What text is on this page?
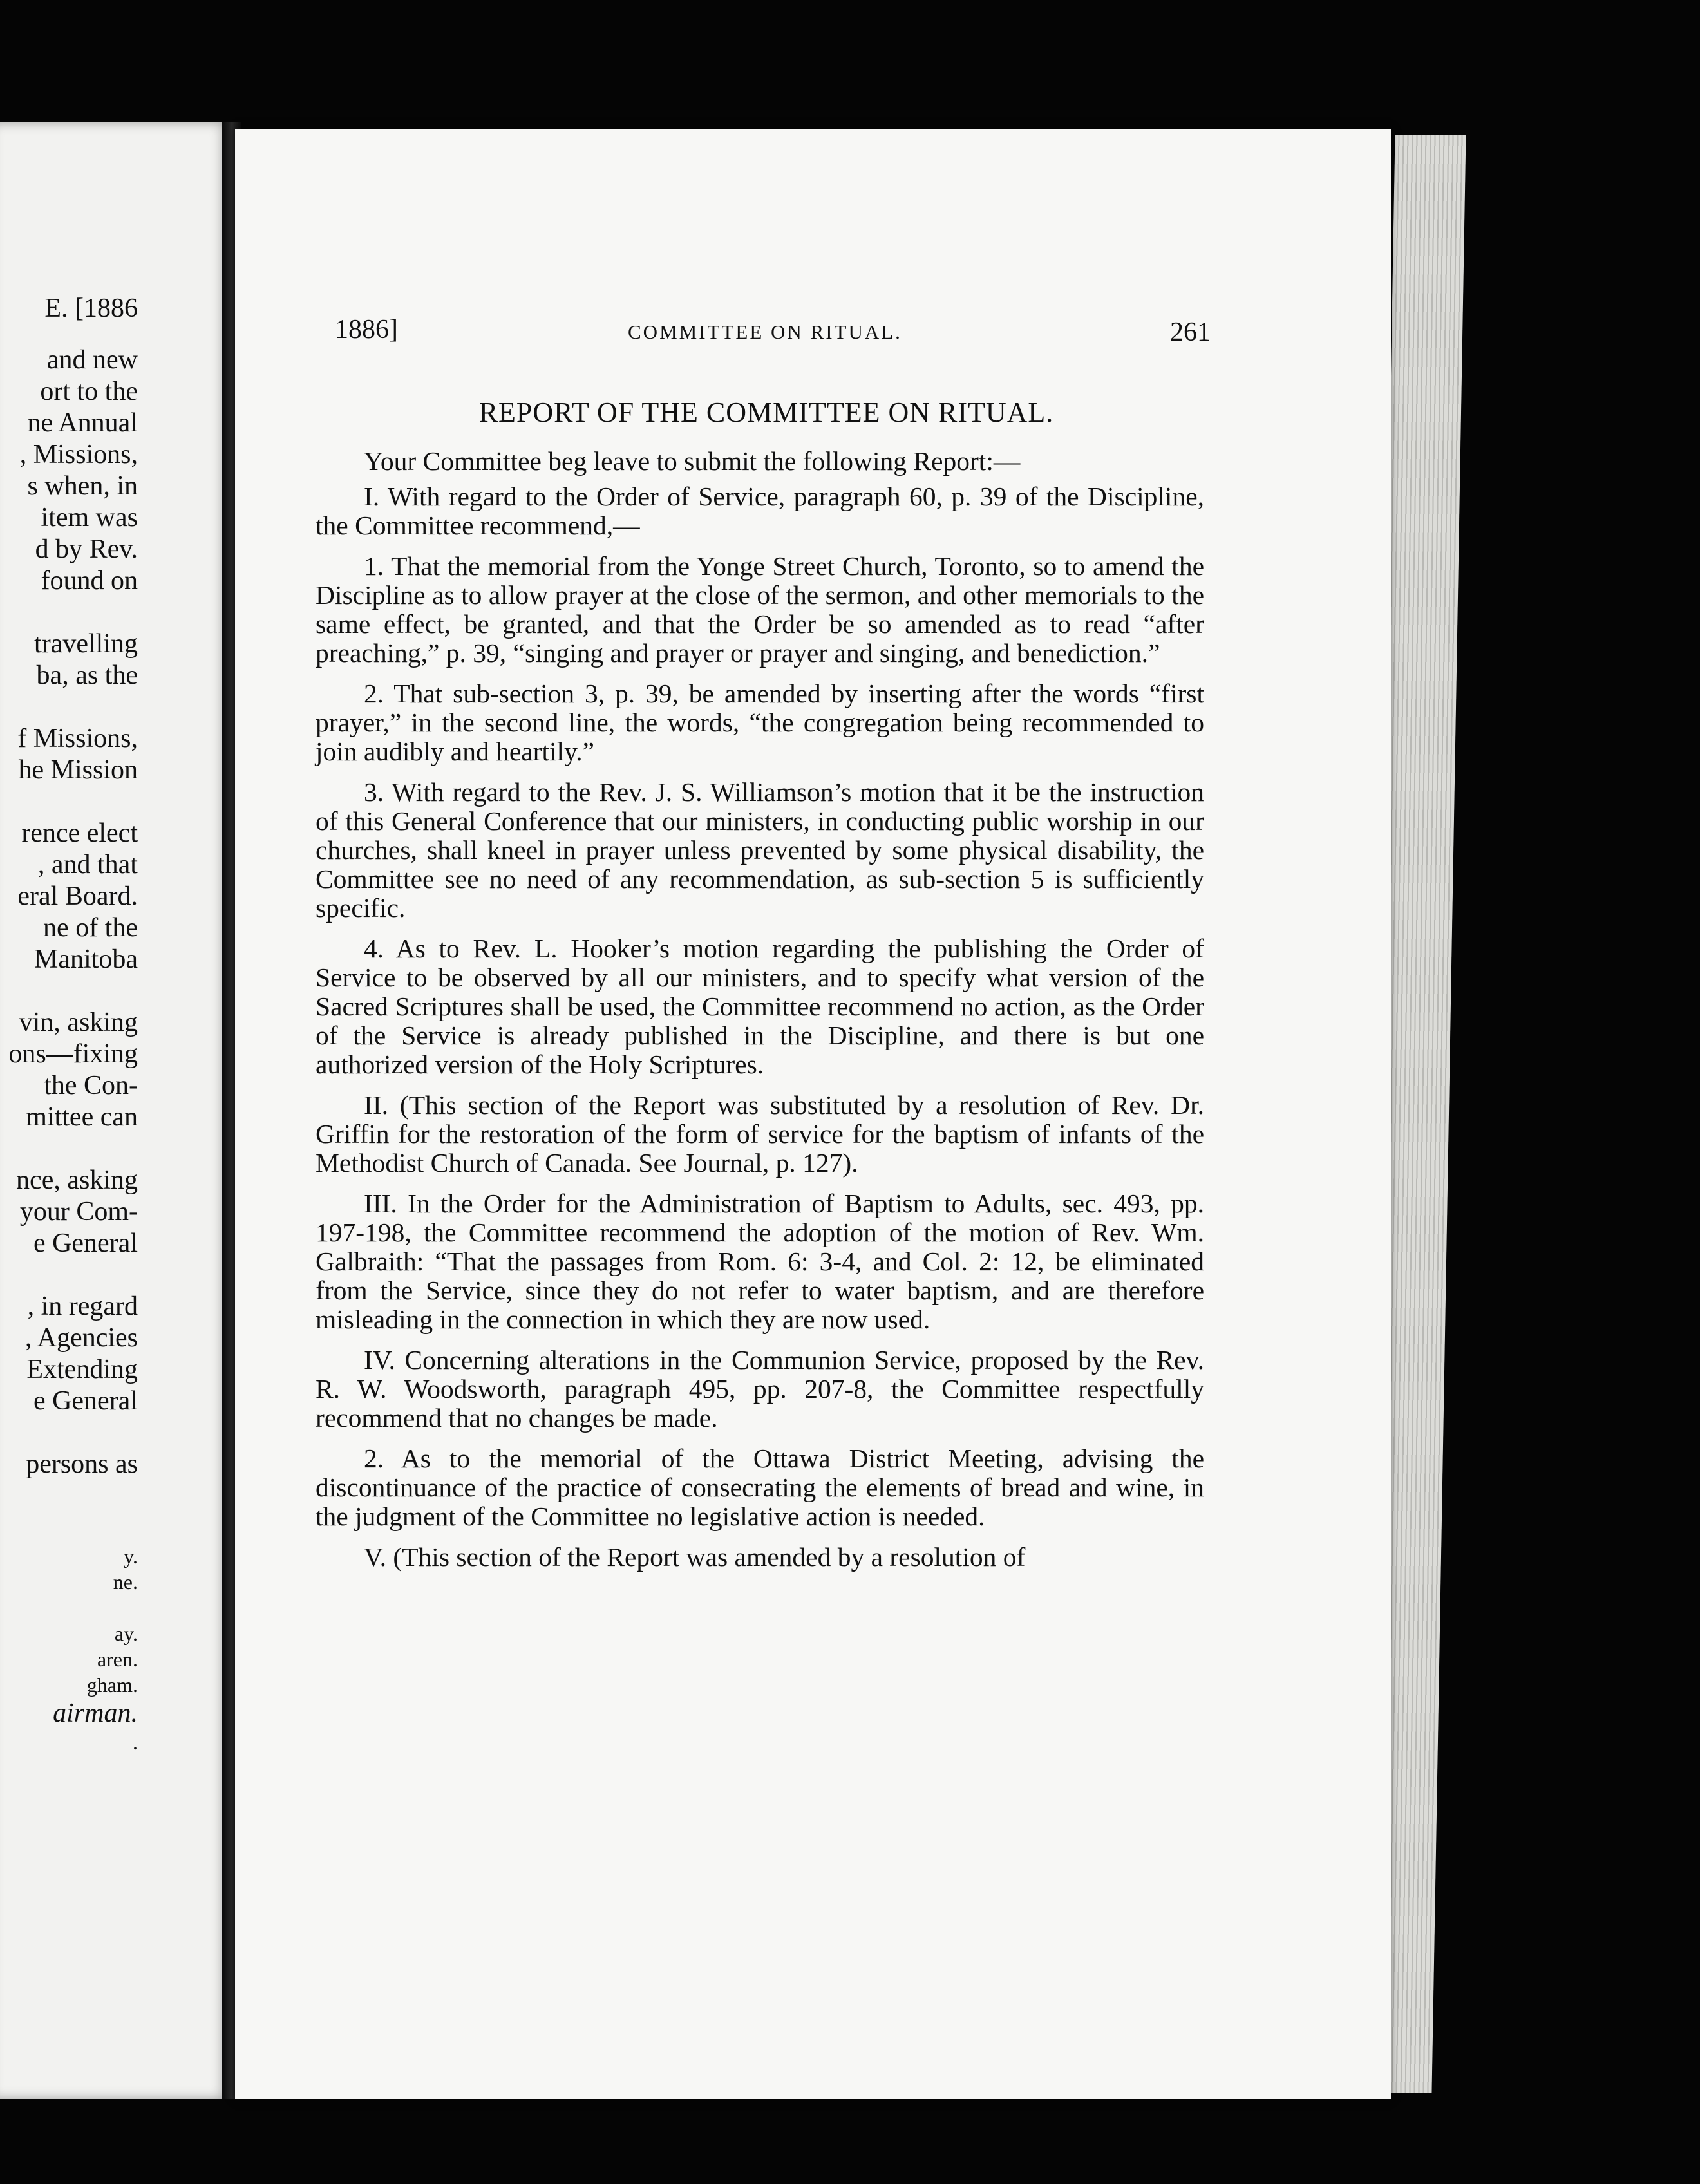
E. [1886
and new
ort to the
ne Annual
, Missions,
s when, in
item was
d by Rev.
found on
travelling
ba, as the
f Missions,
he Mission
rence elect
, and that
eral Board.
ne of the
Manitoba
vin, asking
ons—fixing
the Con-
mittee can
nce, asking
your Com-
e General
, in regard
, Agencies
Extending
e General
persons as
y.
ne.
ay.
aren.
gham.
airman.
.
1886]	COMMITTEE ON RITUAL.	261
REPORT OF THE COMMITTEE ON RITUAL.

Your Committee beg leave to submit the following Report:—

I. With regard to the Order of Service, paragraph 60, p. 39 of the Discipline, the Committee recommend,—

1. That the memorial from the Yonge Street Church, Toronto, so to amend the Discipline as to allow prayer at the close of the sermon, and other memorials to the same effect, be granted, and that the Order be so amended as to read “after preaching,” p. 39, “singing and prayer or prayer and singing, and benediction.”

2. That sub-section 3, p. 39, be amended by inserting after the words “first prayer,” in the second line, the words, “the congregation being recommended to join audibly and heartily.”

3. With regard to the Rev. J. S. Williamson’s motion that it be the instruction of this General Conference that our ministers, in conducting public worship in our churches, shall kneel in prayer unless prevented by some physical disability, the Committee see no need of any recommendation, as sub-section 5 is sufficiently specific.

4. As to Rev. L. Hooker’s motion regarding the publishing the Order of Service to be observed by all our ministers, and to specify what version of the Sacred Scriptures shall be used, the Committee recommend no action, as the Order of the Service is already published in the Discipline, and there is but one authorized version of the Holy Scriptures.

II. (This section of the Report was substituted by a resolution of Rev. Dr. Griffin for the restoration of the form of service for the baptism of infants of the Methodist Church of Canada. See Journal, p. 127).

III. In the Order for the Administration of Baptism to Adults, sec. 493, pp. 197-198, the Committee recommend the adoption of the motion of Rev. Wm. Galbraith: “That the passages from Rom. 6: 3-4, and Col. 2: 12, be eliminated from the Service, since they do not refer to water baptism, and are therefore misleading in the connection in which they are now used.

IV. Concerning alterations in the Communion Service, proposed by the Rev. R. W. Woodsworth, paragraph 495, pp. 207-8, the Committee respectfully recommend that no changes be made.

2. As to the memorial of the Ottawa District Meeting, advising the discontinuance of the practice of consecrating the elements of bread and wine, in the judgment of the Committee no legislative action is needed.

V. (This section of the Report was amended by a resolution of
